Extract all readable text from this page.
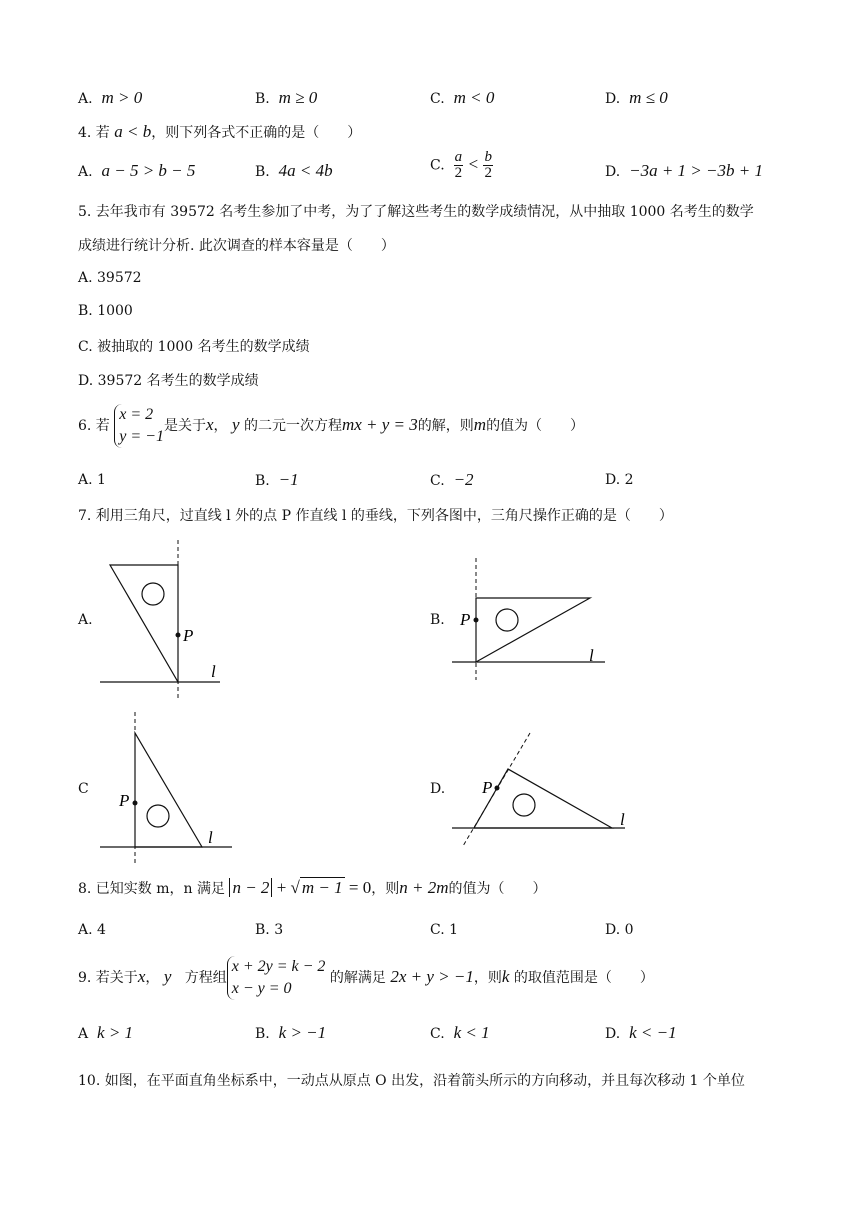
A. m > 0	B. m ≥ 0	C. m < 0	D. m ≤ 0
4. 若 a < b，则下列各式不正确的是（　　）
A. a − 5 > b − 5	B. 4a < 4b	C. $\frac{a}{2} < \frac{b}{2}$	D. −3a + 1 > −3b + 1
5. 去年我市有 39572 名考生参加了中考，为了了解这些考生的数学成绩情况，从中抽取 1000 名考生的数学
成绩进行统计分析. 此次调查的样本容量是（　　）
A. 39572
B. 1000
C. 被抽取的 1000 名考生的数学成绩
D. 39572 名考生的数学成绩
6. 若 x = 2
y = −1是关于x， y 的二元一次方程mx + y = 3的解，则m的值为（　　）
A. 1	B. −1	C. −2	D. 2
7. 利用三角尺，过直线 l 外的点 P 作直线 l 的垂线，下列各图中，三角尺操作正确的是（　　）
A.
P
l
B. P
l
C
P
l
D. P
l
8. 已知实数 m，n 满足 n − 2 + √ m − 1 = 0，则n + 2m的值为（　　）
A. 4	B. 3	C. 1	D. 0
9. 若关于x， y 方程组x + 2y = k − 2
x − y = 0 的解满足 2x + y > −1，则k 的取值范围是（　　）
A k > 1	B. k > −1	C. k < 1	D. k < −1
10. 如图，在平面直角坐标系中，一动点从原点 O 出发，沿着箭头所示的方向移动，并且每次移动 1 个单位
